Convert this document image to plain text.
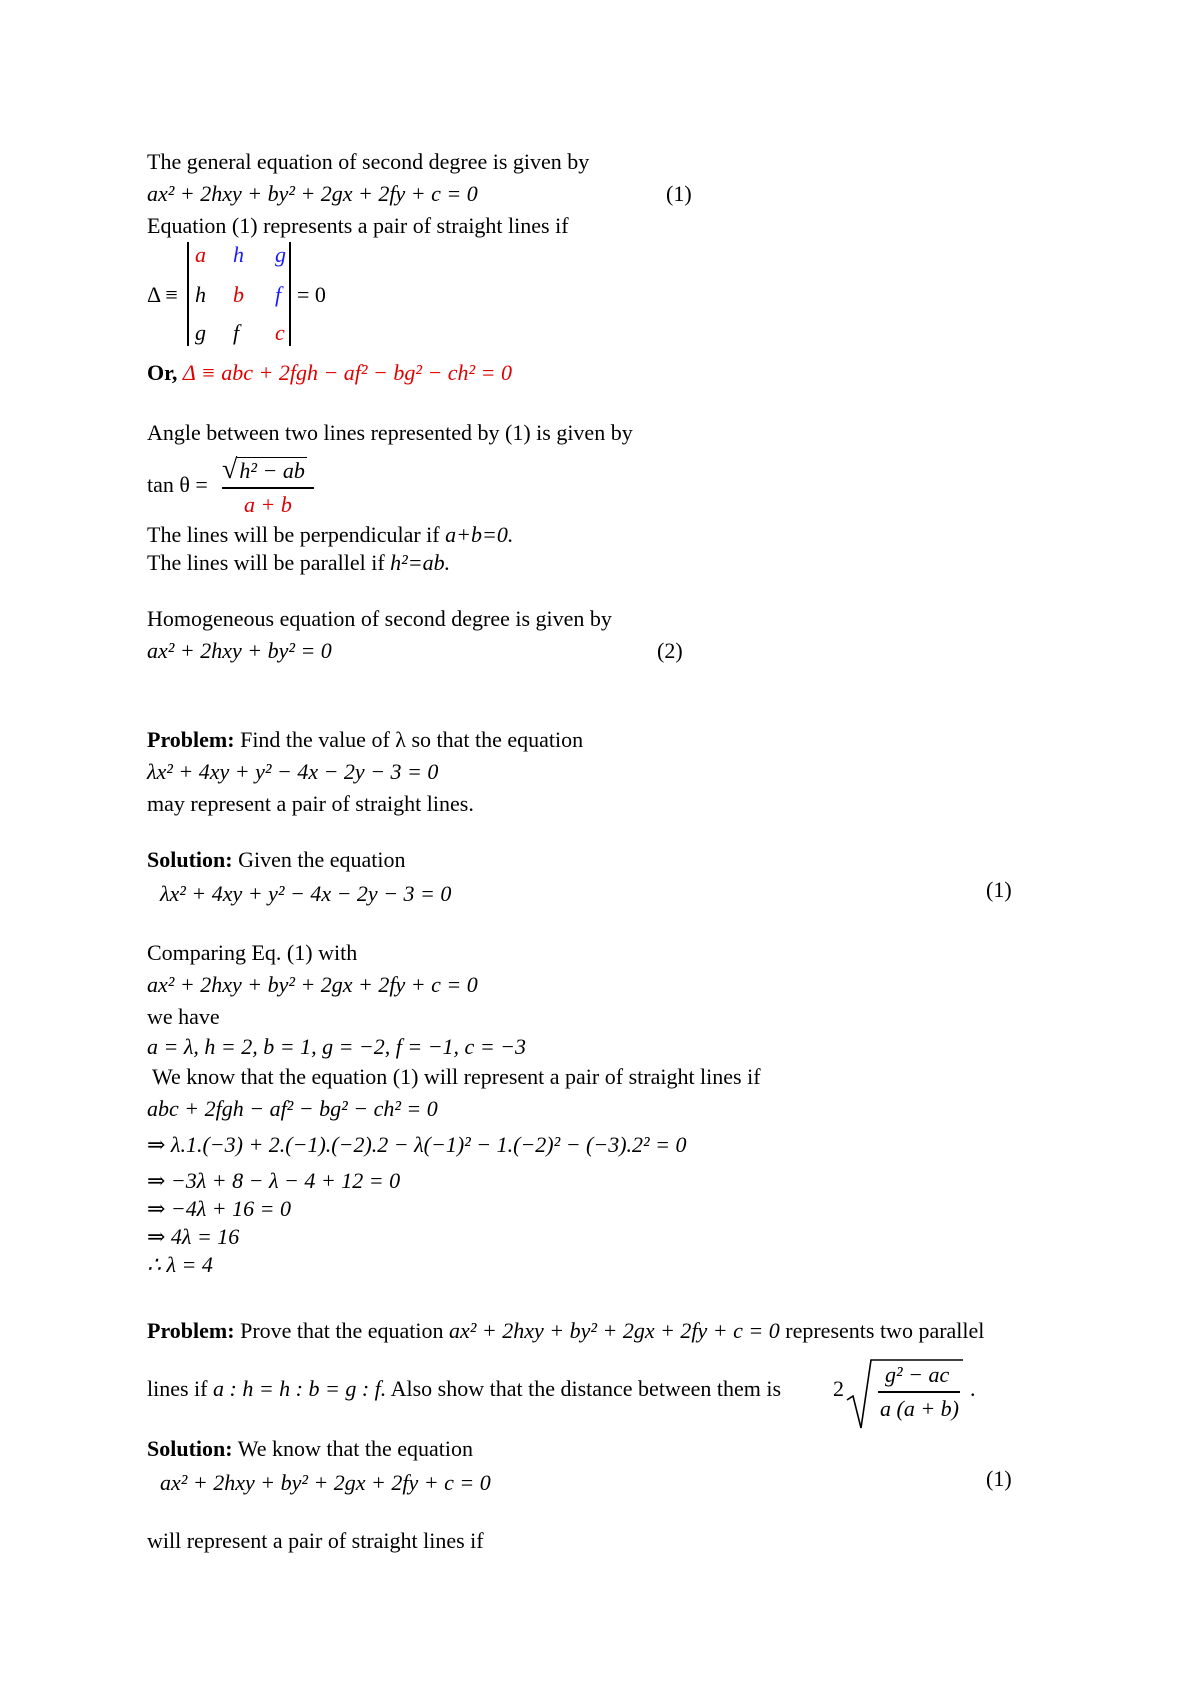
The general equation of second degree is given by
ax² + 2hxy + by² + 2gx + 2fy + c = 0	(1)
Equation (1) represents a pair of straight lines if
Δ ≡
a h g
h b f
g f c
= 0
Or, Δ ≡ abc + 2fgh − af² − bg² − ch² = 0
Angle between two lines represented by (1) is given by
tan θ = √h² − ab
a + b
The lines will be perpendicular if a+b=0.
The lines will be parallel if h²=ab.
Homogeneous equation of second degree is given by
ax² + 2hxy + by² = 0	(2)
Problem: Find the value of λ so that the equation
λx² + 4xy + y² − 4x − 2y − 3 = 0
may represent a pair of straight lines.
Solution: Given the equation
λx² + 4xy + y² − 4x − 2y − 3 = 0	(1)
Comparing Eq. (1) with
ax² + 2hxy + by² + 2gx + 2fy + c = 0
we have
a = λ, h = 2, b = 1, g = −2, f = −1, c = −3
We know that the equation (1) will represent a pair of straight lines if
abc + 2fgh − af² − bg² − ch² = 0
⇒ λ.1.(−3) + 2.(−1).(−2).2 − λ(−1)² − 1.(−2)² − (−3).2² = 0
⇒ −3λ + 8 − λ − 4 + 12 = 0
⇒ −4λ + 16 = 0
⇒ 4λ = 16
∴ λ = 4
Problem: Prove that the equation ax² + 2hxy + by² + 2gx + 2fy + c = 0 represents two parallel
lines if a : h = h : b = g : f. Also show that the distance between them is 2
g² − ac
a (a + b)
.
Solution: We know that the equation
ax² + 2hxy + by² + 2gx + 2fy + c = 0	(1)
will represent a pair of straight lines if
